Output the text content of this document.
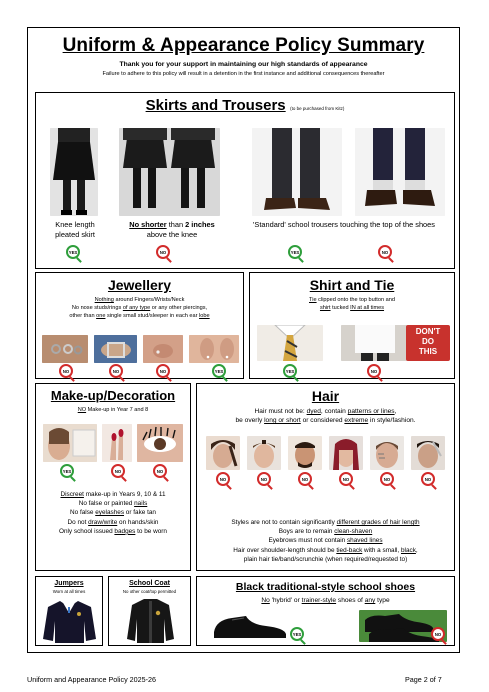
Uniform & Appearance Policy Summary
Thank you for your support in maintaining our high standards of appearance
Failure to adhere to this policy will result in a detention in the first instance and additional consequences thereafter
Skirts and Trousers (to be purchased from Kitz)
Knee length
pleated skirt
No shorter than 2 inches
above the knee
'Standard' school trousers touching the top of the shoes
YES	NO	YES	NO
Jewellery
Nothing around Fingers/Wrists/Neck
No nose studs/rings of any type or any other piercings,
other than one single small stud/sleeper in each ear lobe
NO	NO	NO	YES
Shirt and Tie
Tie clipped onto the top button and
shirt tucked IN at all times
DON'T
DO
THIS
YES	NO
Make-up/Decoration
NO Make-up in Year 7 and 8
YES	NO	NO
Discreet make-up in Years 9, 10 & 11
No false or painted nails
No false eyelashes or fake tan
Do not draw/write on hands/skin
Only school issued badges to be worn
Hair
Hair must not be: dyed, contain patterns or lines,
be overly long or short or considered extreme in style/fashion.
NO	NO	NO	NO	NO	NO
Styles are not to contain significantly different grades of hair length
Boys are to remain clean-shaven
Eyebrows must not contain shaved lines
Hair over shoulder-length should be tied-back with a small, black,
plain hair tie/band/scrunchie (when required/requested to)
Jumpers
Worn at all times
School Coat
No other coat/top permitted	Black traditional-style school shoes
No 'hybrid' or trainer-style shoes of any type
YES	NO
Uniform and Appearance Policy 2025-26	Page 2 of 7
